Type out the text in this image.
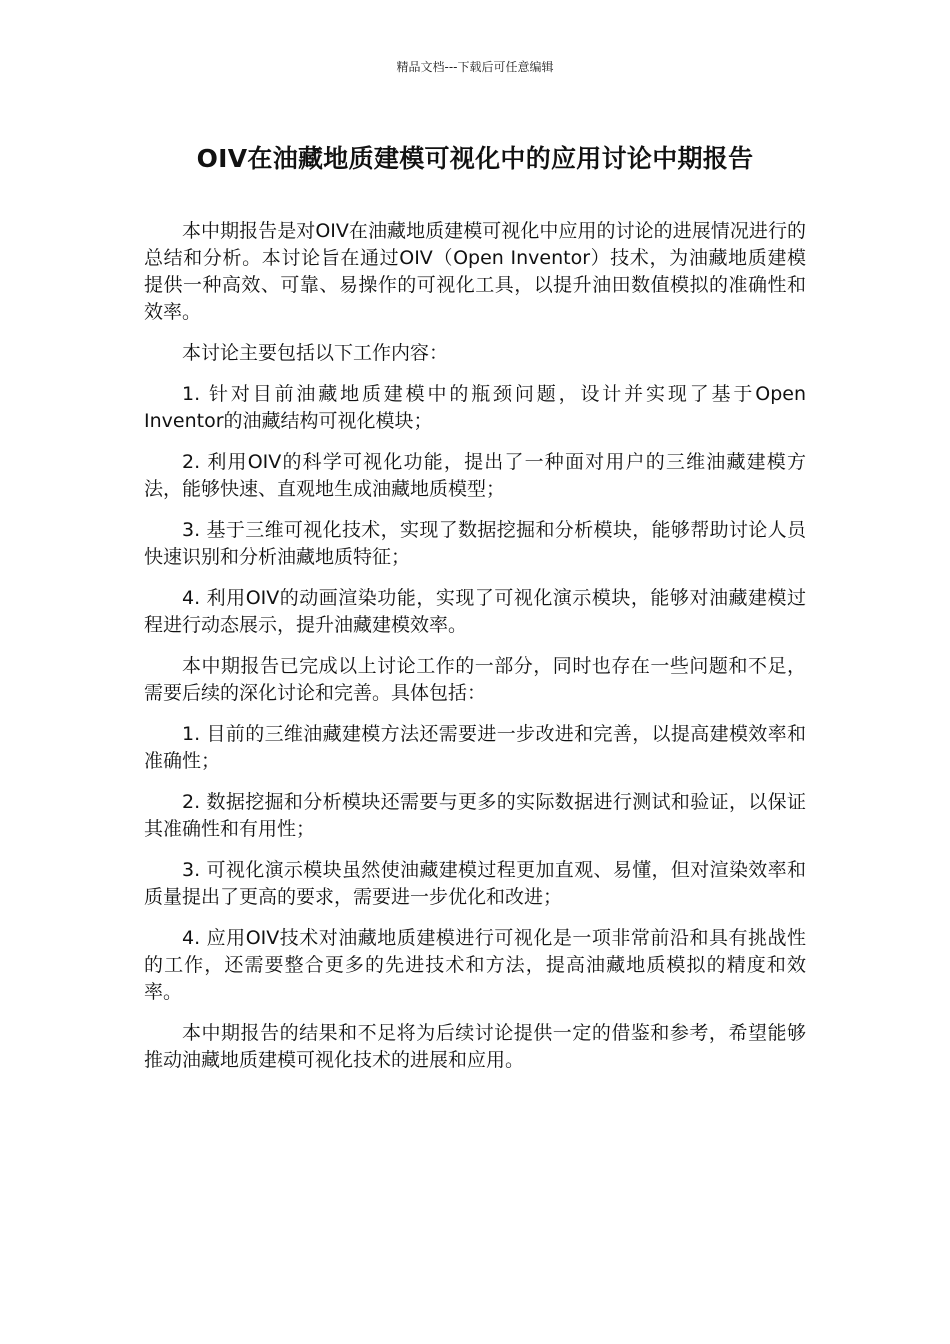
精品文档---下载后可任意编辑
OIV在油藏地质建模可视化中的应用讨论中期报告

本中期报告是对OIV在油藏地质建模可视化中应用的讨论的进展情况进行的总结和分析。本讨论旨在通过OIV（Open Inventor）技术，为油藏地质建模提供一种高效、可靠、易操作的可视化工具，以提升油田数值模拟的准确性和效率。

本讨论主要包括以下工作内容：

1. 针对目前油藏地质建模中的瓶颈问题，设计并实现了基于Open Inventor的油藏结构可视化模块；

2. 利用OIV的科学可视化功能，提出了一种面对用户的三维油藏建模方法，能够快速、直观地生成油藏地质模型；

3. 基于三维可视化技术，实现了数据挖掘和分析模块，能够帮助讨论人员快速识别和分析油藏地质特征；

4. 利用OIV的动画渲染功能，实现了可视化演示模块，能够对油藏建模过程进行动态展示，提升油藏建模效率。

本中期报告已完成以上讨论工作的一部分，同时也存在一些问题和不足，需要后续的深化讨论和完善。具体包括：

1. 目前的三维油藏建模方法还需要进一步改进和完善，以提高建模效率和准确性；

2. 数据挖掘和分析模块还需要与更多的实际数据进行测试和验证，以保证其准确性和有用性；

3. 可视化演示模块虽然使油藏建模过程更加直观、易懂，但对渲染效率和质量提出了更高的要求，需要进一步优化和改进；

4. 应用OIV技术对油藏地质建模进行可视化是一项非常前沿和具有挑战性的工作，还需要整合更多的先进技术和方法，提高油藏地质模拟的精度和效率。

本中期报告的结果和不足将为后续讨论提供一定的借鉴和参考，希望能够推动油藏地质建模可视化技术的进展和应用。
